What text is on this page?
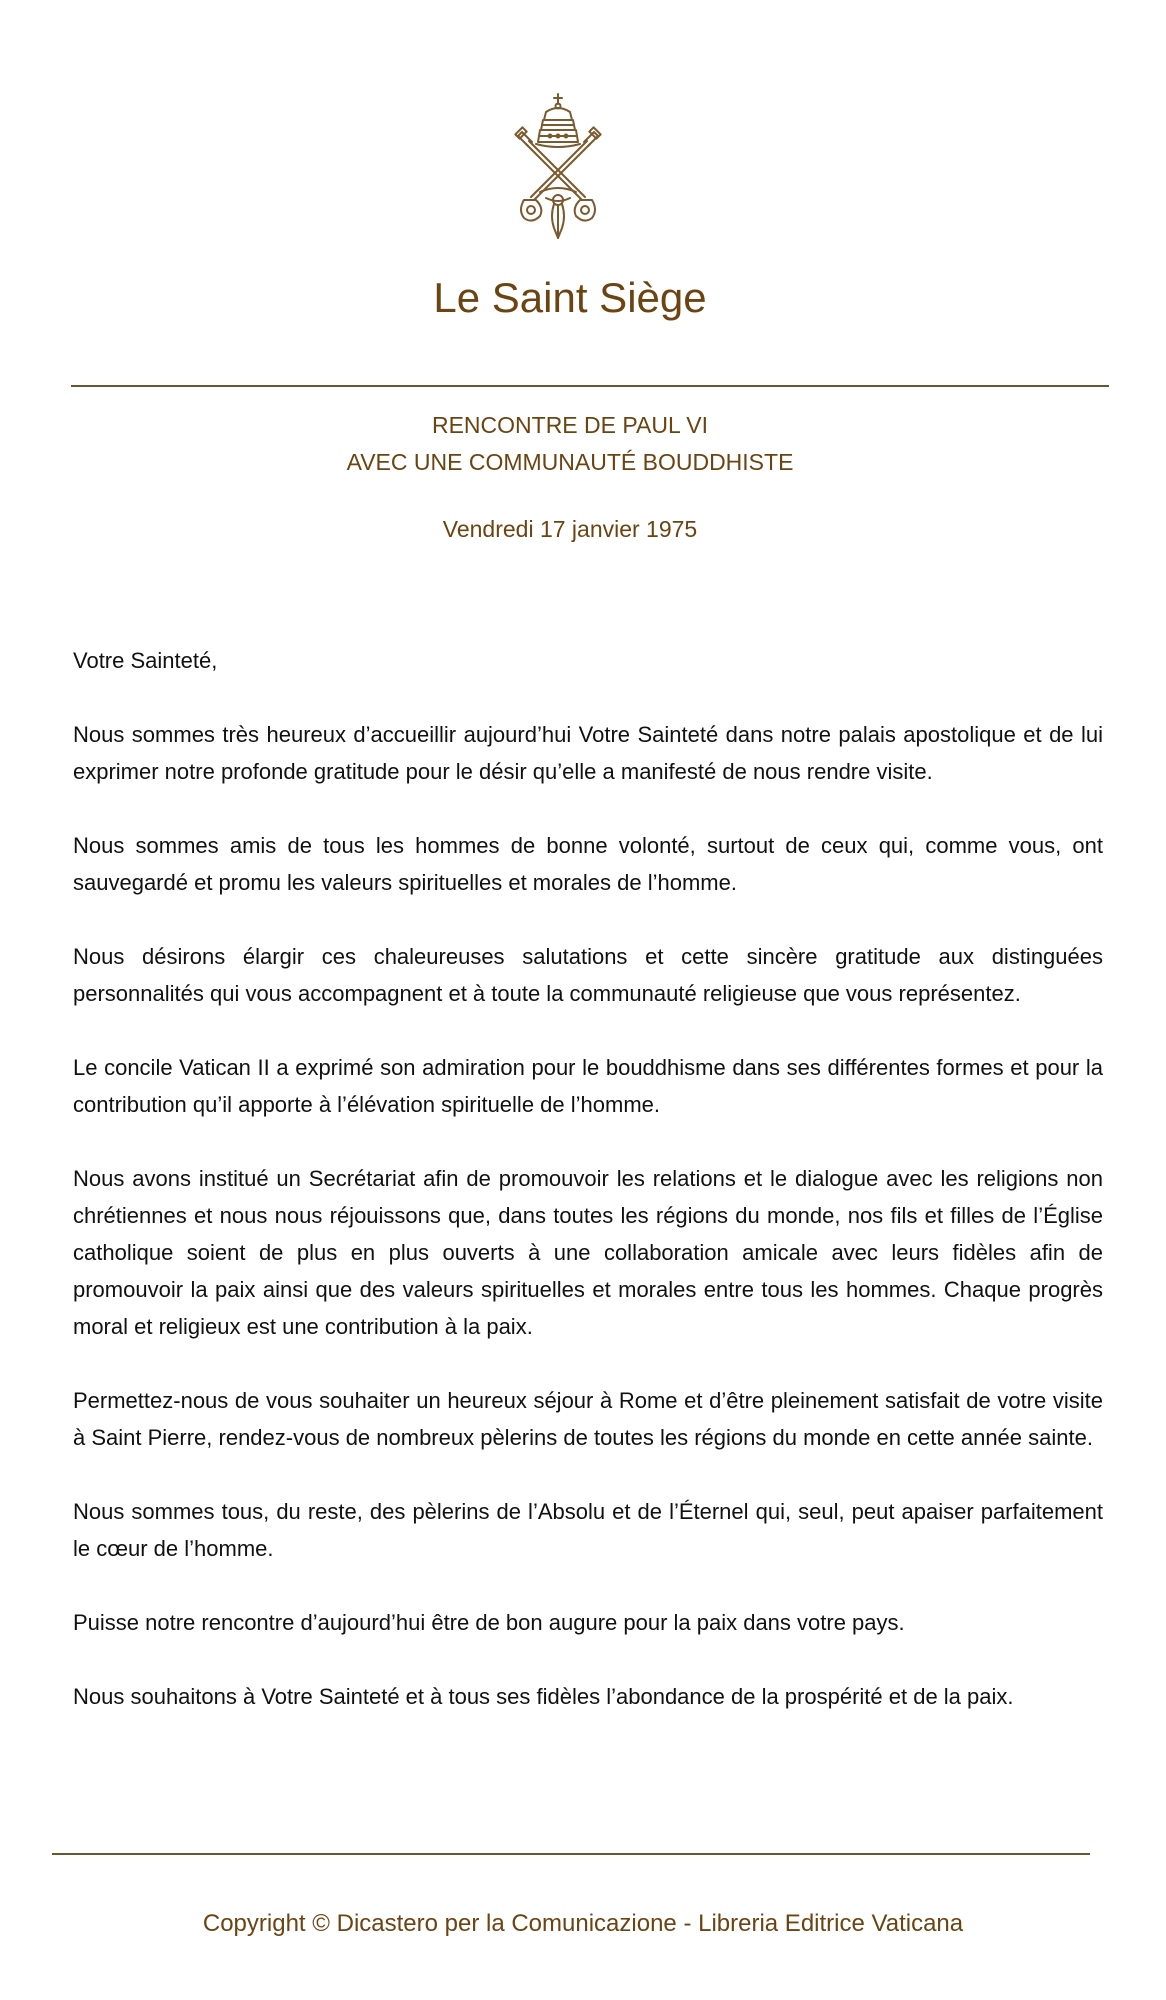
Le Saint Siège
RENCONTRE DE PAUL VI
AVEC UNE COMMUNAUTÉ BOUDDHISTE
Vendredi 17 janvier 1975

Votre Sainteté,

Nous sommes très heureux d’accueillir aujourd’hui Votre Sainteté dans notre palais apostolique et de lui exprimer notre profonde gratitude pour le désir qu’elle a manifesté de nous rendre visite.

Nous sommes amis de tous les hommes de bonne volonté, surtout de ceux qui, comme vous, ont sauvegardé et promu les valeurs spirituelles et morales de l’homme.

Nous désirons élargir ces chaleureuses salutations et cette sincère gratitude aux distinguées personnalités qui vous accompagnent et à toute la communauté religieuse que vous représentez.

Le concile Vatican II a exprimé son admiration pour le bouddhisme dans ses différentes formes et pour la contribution qu’il apporte à l’élévation spirituelle de l’homme.

Nous avons institué un Secrétariat afin de promouvoir les relations et le dialogue avec les religions non chrétiennes et nous nous réjouissons que, dans toutes les régions du monde, nos fils et filles de l’Église catholique soient de plus en plus ouverts à une collaboration amicale avec leurs fidèles afin de promouvoir la paix ainsi que des valeurs spirituelles et morales entre tous les hommes. Chaque progrès moral et religieux est une contribution à la paix.

Permettez-nous de vous souhaiter un heureux séjour à Rome et d’être pleinement satisfait de votre visite à Saint Pierre, rendez-vous de nombreux pèlerins de toutes les régions du monde en cette année sainte.

Nous sommes tous, du reste, des pèlerins de l’Absolu et de l’Éternel qui, seul, peut apaiser parfaitement le cœur de l’homme.

Puisse notre rencontre d’aujourd’hui être de bon augure pour la paix dans votre pays.

Nous souhaitons à Votre Sainteté et à tous ses fidèles l’abondance de la prospérité et de la paix.

Copyright © Dicastero per la Comunicazione - Libreria Editrice Vaticana
